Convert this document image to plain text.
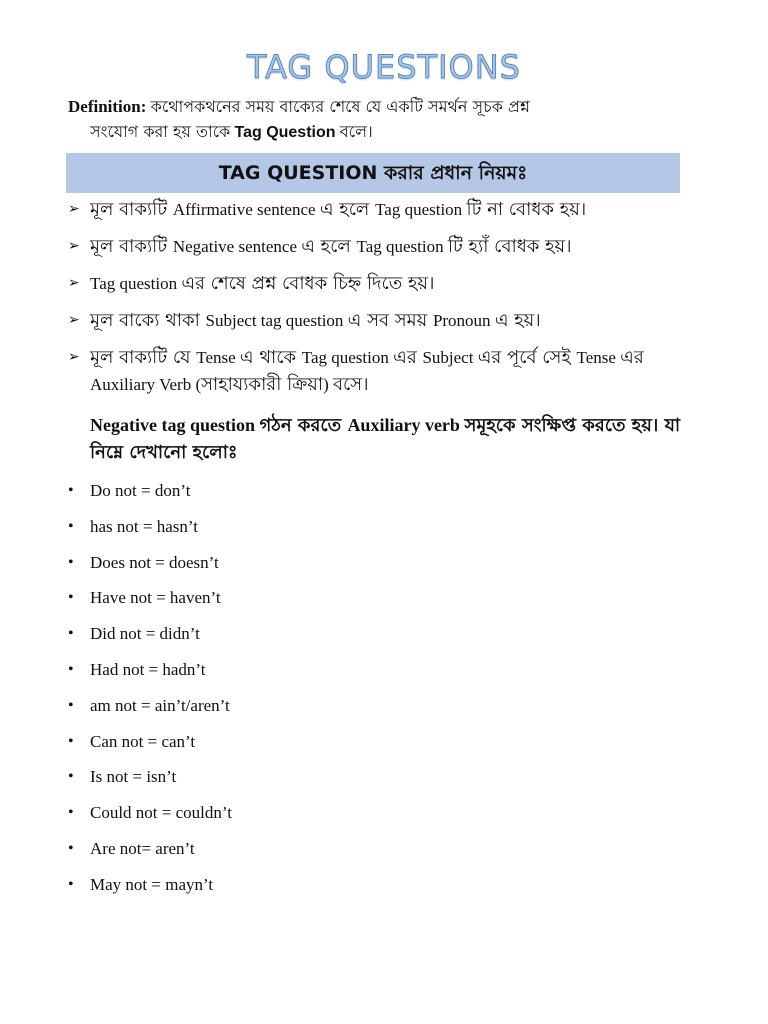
TAG QUESTIONS
Definition: কথোপকথনের সময় বাক্যের শেষে যে একটি সমর্থন সূচক প্রশ্ন
সংযোগ করা হয় তাকে Tag Question বলে।
TAG QUESTION করার প্রধান নিয়মঃ
➢ মূল বাক্যটি Affirmative sentence এ হলে Tag question টি না বোধক হয়।
➢ মূল বাক্যটি Negative sentence এ হলে Tag question টি হ্যাঁ বোধক হয়।
➢ Tag question এর শেষে প্রশ্ন বোধক চিহ্ন দিতে হয়।
➢ মূল বাক্যে থাকা Subject tag question এ সব সময় Pronoun এ হয়।
➢ মূল বাক্যটি যে Tense এ থাকে Tag question এর Subject এর পূর্বে সেই Tense এর Auxiliary Verb (সাহায্যকারী ক্রিয়া) বসে।
Negative tag question গঠন করতে Auxiliary verb সমূহকে সংক্ষিপ্ত করতে হয়। যা নিম্নে দেখানো হলোঃ
• Do not = don’t
• has not = hasn’t
• Does not = doesn’t
• Have not = haven’t
• Did not = didn’t
• Had not = hadn’t
• am not = ain’t/aren’t
• Can not = can’t
• Is not = isn’t
• Could not = couldn’t
• Are not= aren’t
• May not = mayn’t
